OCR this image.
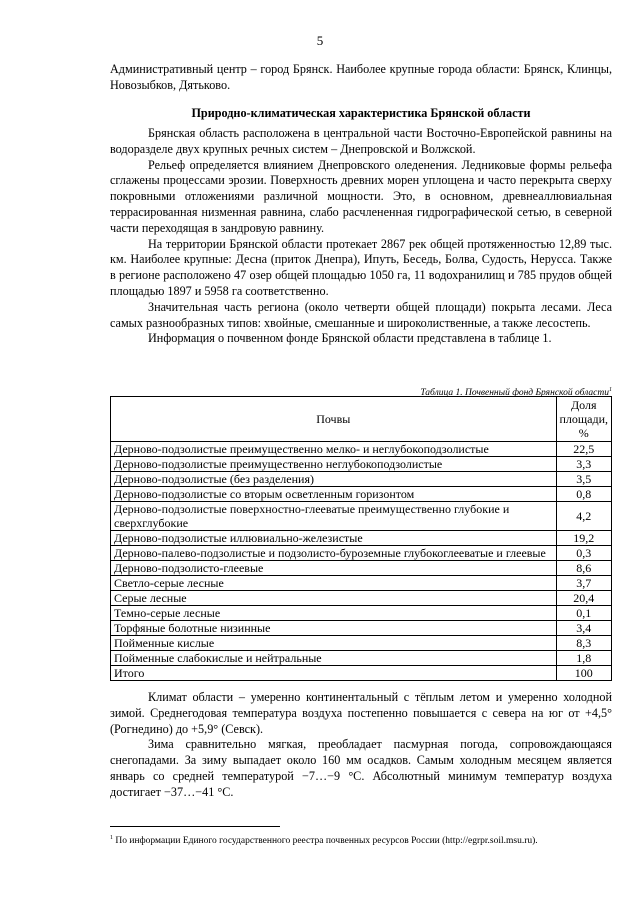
5

Административный центр – город Брянск. Наиболее крупные города области: Брянск, Клинцы, Новозыбков, Дятьково.

Природно-климатическая характеристика Брянской области

Брянская область расположена в центральной части Восточно-Европейской равнины на водоразделе двух крупных речных систем – Днепровской и Волжской.

Рельеф определяется влиянием Днепровского оледенения. Ледниковые формы рельефа сглажены процессами эрозии. Поверхность древних морен уплощена и часто перекрыта сверху покровными отложениями различной мощности. Это, в основном, древнеаллювиальная террасированная низменная равнина, слабо расчлененная гидрографической сетью, в северной части переходящая в зандровую равнину.

На территории Брянской области протекает 2867 рек общей протяженностью 12,89 тыс. км. Наиболее крупные: Десна (приток Днепра), Ипуть, Беседь, Болва, Судость, Нерусса. Также в регионе расположено 47 озер общей площадью 1050 га, 11 водохранилищ и 785 прудов общей площадью 1897 и 5958 га соответственно.

Значительная часть региона (около четверти общей площади) покрыта лесами. Леса самых разнообразных типов: хвойные, смешанные и широколиственные, а также лесостепь.

Информация о почвенном фонде Брянской области представлена в таблице 1.

Таблица 1. Почвенный фонд Брянской области$^1$
Почвы	Доля площади, %
Дерново-подзолистые преимущественно мелко- и неглубокоподзолистые	22,5
Дерново-подзолистые преимущественно неглубокоподзолистые	3,3
Дерново-подзолистые (без разделения)	3,5
Дерново-подзолистые со вторым осветленным горизонтом	0,8
Дерново-подзолистые поверхностно-глееватые преимущественно глубокие и сверхглубокие	4,2
Дерново-подзолистые иллювиально-железистые	19,2
Дерново-палево-подзолистые и подзолисто-буроземные глубокоглееватые и глеевые	0,3
Дерново-подзолисто-глеевые	8,6
Светло-серые лесные	3,7
Серые лесные	20,4
Темно-серые лесные	0,1
Торфяные болотные низинные	3,4
Пойменные кислые	8,3
Пойменные слабокислые и нейтральные	1,8
Итого	100

Климат области – умеренно континентальный с тёплым летом и умеренно холодной зимой. Среднегодовая температура воздуха постепенно повышается с севера на юг от +4,5° (Рогнедино) до +5,9° (Севск).

Зима сравнительно мягкая, преобладает пасмурная погода, сопровождающаяся снегопадами. За зиму выпадает около 160 мм осадков. Самым холодным месяцем является январь со средней температурой −7…−9 °С. Абсолютный минимум температур воздуха достигает −37…−41 °С.

$^1$ По информации Единого государственного реестра почвенных ресурсов России (http://egrpr.soil.msu.ru).
